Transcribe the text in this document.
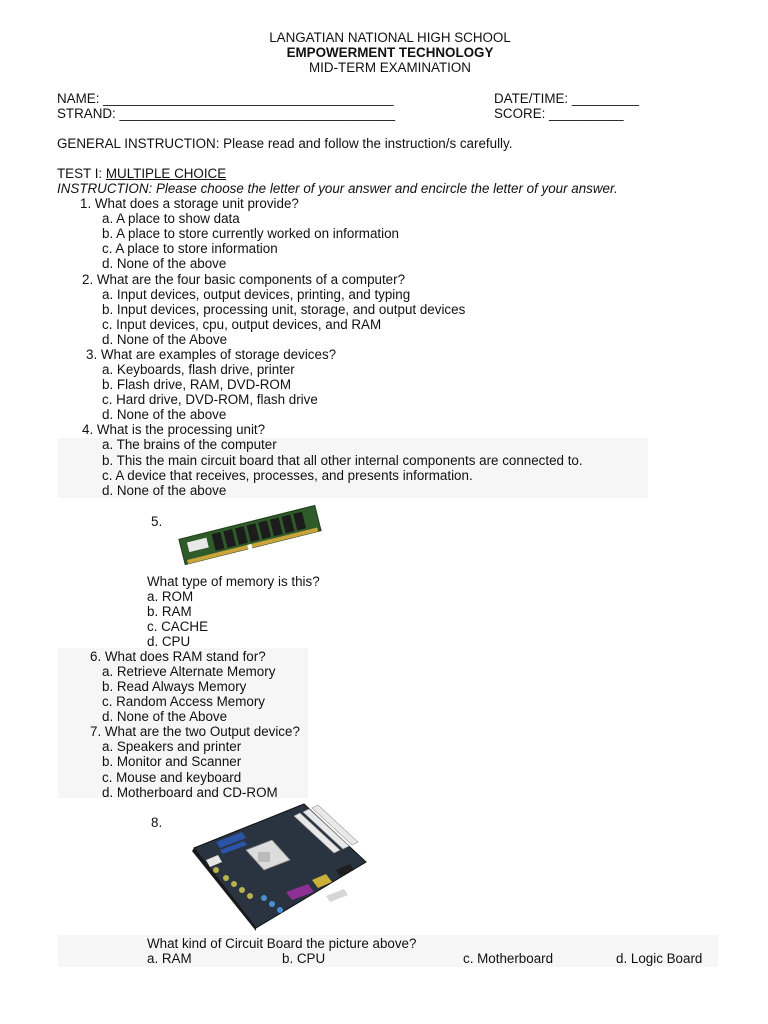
LANGATIAN NATIONAL HIGH SCHOOL
EMPOWERMENT TECHNOLOGY
MID-TERM EXAMINATION
NAME: _______________________________________	DATE/TIME: _________
STRAND: _____________________________________	SCORE: __________
GENERAL INSTRUCTION: Please read and follow the instruction/s carefully.
TEST I: MULTIPLE CHOICE
INSTRUCTION: Please choose the letter of your answer and encircle the letter of your answer.
1. What does a storage unit provide?
a. A place to show data
b. A place to store currently worked on information
c. A place to store information
d. None of the above
2. What are the four basic components of a computer?
a. Input devices, output devices, printing, and typing
b. Input devices, processing unit, storage, and output devices
c. Input devices, cpu, output devices, and RAM
d. None of the Above
3. What are examples of storage devices?
a. Keyboards, flash drive, printer
b. Flash drive, RAM, DVD-ROM
c. Hard drive, DVD-ROM, flash drive
d. None of the above
4. What is the processing unit?
a. The brains of the computer
b. This the main circuit board that all other internal components are connected to.
c. A device that receives, processes, and presents information.
d. None of the above
5.
What type of memory is this?
a. ROM
b. RAM
c. CACHE
d. CPU
6. What does RAM stand for?
a. Retrieve Alternate Memory
b. Read Always Memory
c. Random Access Memory
d. None of the Above
7. What are the two Output device?
a. Speakers and printer
b. Monitor and Scanner
c. Mouse and keyboard
d. Motherboard and CD-ROM
8.
What kind of Circuit Board the picture above?
a. RAM	b. CPU	c. Motherboard	d. Logic Board
